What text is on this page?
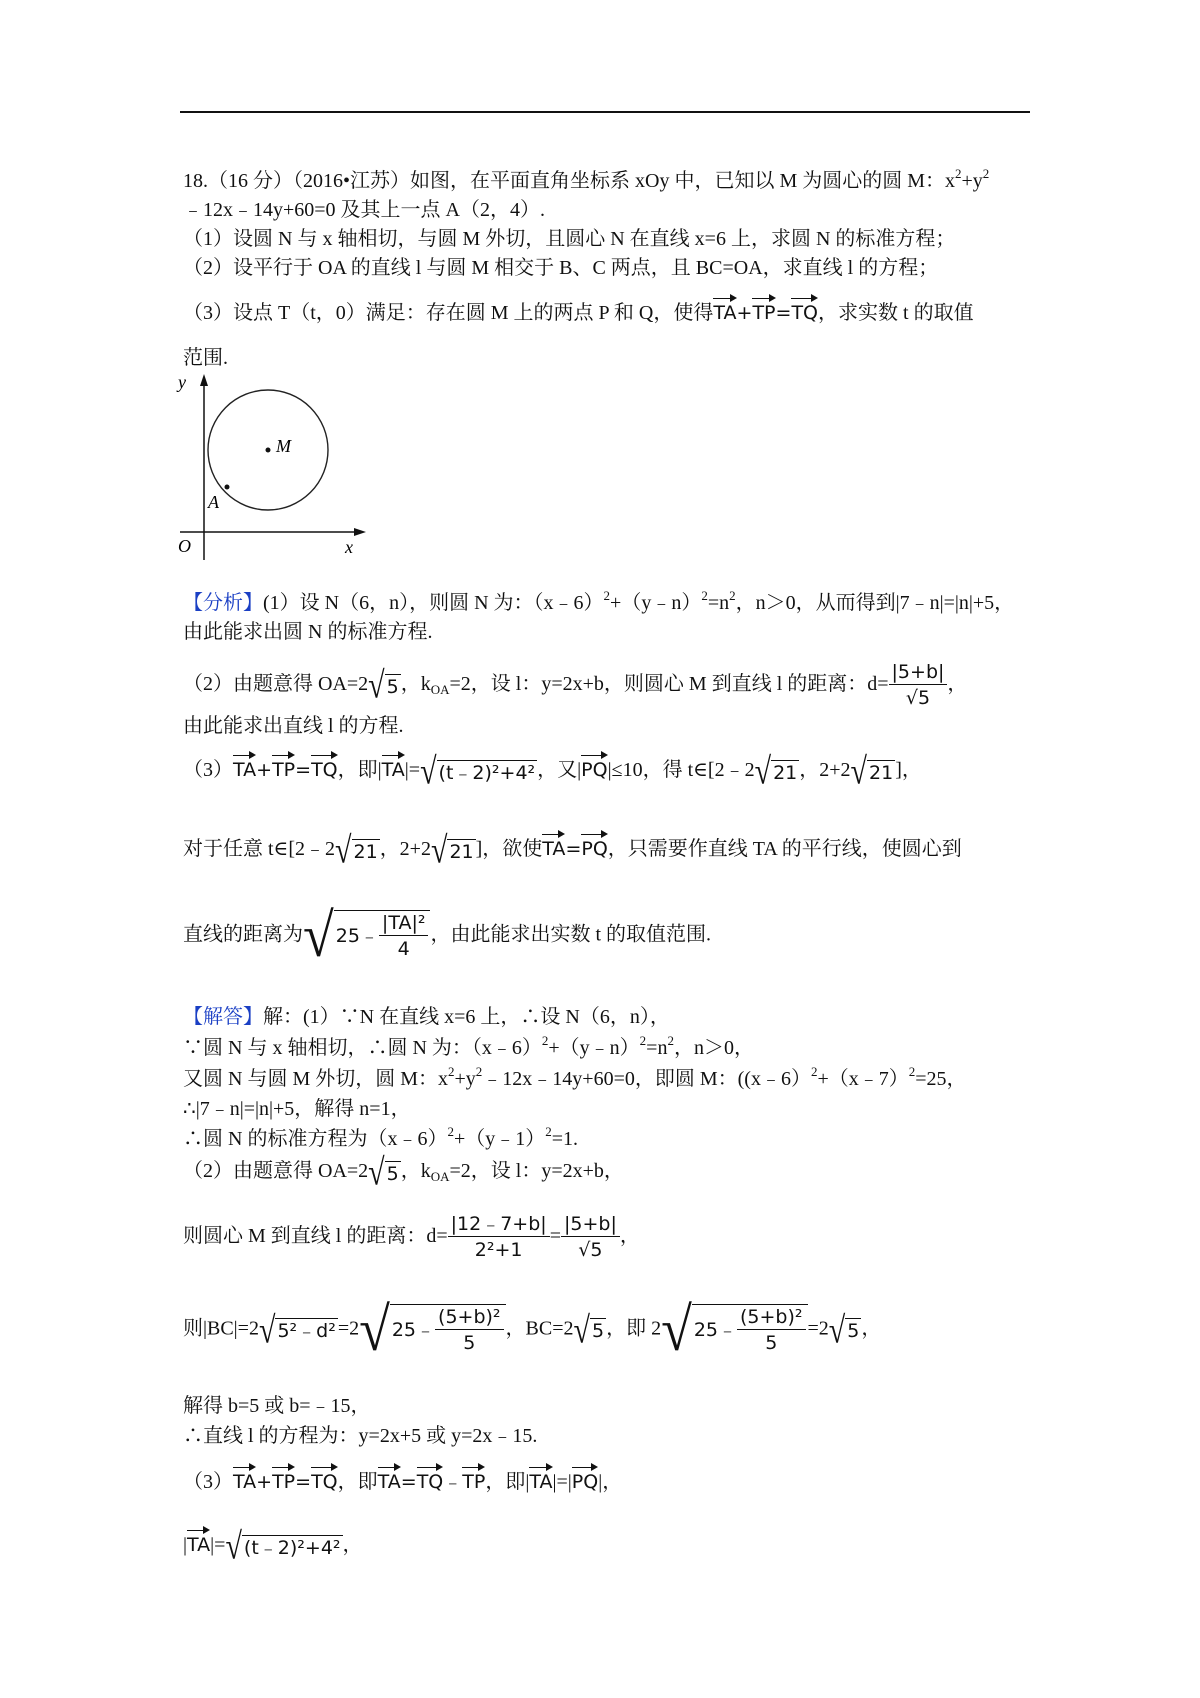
18.（16 分）（2016•江苏）如图，在平面直角坐标系 xOy 中，已知以 M 为圆心的圆 M：$x^2+y^2$
﹣12x﹣14y+60=0 及其上一点 A（2，4）.
（1）设圆 N 与 x 轴相切，与圆 M 外切，且圆心 N 在直线 x=6 上，求圆 N 的标准方程；
（2）设平行于 OA 的直线 l 与圆 M 相交于 B、C 两点，且 BC=OA，求直线 l 的方程；
（3）设点 T（t，0）满足：存在圆 M 上的两点 P 和 Q，使得TA+TP=TQ，求实数 t 的取值
范围.
y
x
O
M
A
【分析】(1）设 N（6，n），则圆 N 为：$(x﹣6)^2+(y﹣n)^2=n^2$，n＞0，从而得到|7﹣n|=|n|+5，
由此能求出圆 N 的标准方程.
（2）由题意得 OA=2√ 5 ，$k_{OA}=2$，设 l：y=2x+b，则圆心 M 到直线 l 的距离：$d= \frac{|5+b|}{√5}$ ，
由此能求出直线 l 的方程.
（3）TA+TP=TQ，即|TA|=√ (t﹣2)²+4² ，又|PQ|≤10，得 t∈[2﹣2√ 21 ，2+2√ 21 ]，
对于任意 t∈[2﹣2√ 21 ，2+2√ 21 ]，欲使TA=PQ，只需要作直线 TA 的平行线，使圆心到
直线的距离为√ 25﹣ $\frac{\text{|TA|²}}{4}$ ，由此能求出实数 t 的取值范围.
【解答】解：(1）∵N 在直线 x=6 上，∴设 N（6，n），
∵圆 N 与 x 轴相切，∴圆 N 为：$(x﹣6)^2+(y﹣n)^2=n^2$，n＞0，
又圆 N 与圆 M 外切，圆 M：$x^2+y^2﹣12x﹣14y+60=0$，即圆 M：((x﹣6）$^2$+（x﹣7）$^2$=25，
∴|7﹣n|=|n|+5，解得 n=1，
∴圆 N 的标准方程为（x﹣6）$^2$+（y﹣1）$^2$=1.
（2）由题意得 OA=2√ 5 ，$k_{OA}=2$，设 l：y=2x+b，
则圆心 M 到直线 l 的距离：$d= \frac{|12﹣7+b|}{\text{2²+1}} = \frac{|5+b|}{√5}$ ，
则|BC|=2√ 5²﹣d² =2√ 25﹣ $\frac{\text{(5+b)²}}{5}$ ，BC=2√ 5 ，即 2√ 25﹣ $\frac{\text{(5+b)²}}{5} =2√$ 5 ，
解得 b=5 或 b=﹣15，
∴直线 l 的方程为：y=2x+5 或 y=2x﹣15.
（3）TA+TP=TQ，即TA=TQ﹣TP，即|TA|=|PQ|，
|TA|=√ (t﹣2)²+4² ，
